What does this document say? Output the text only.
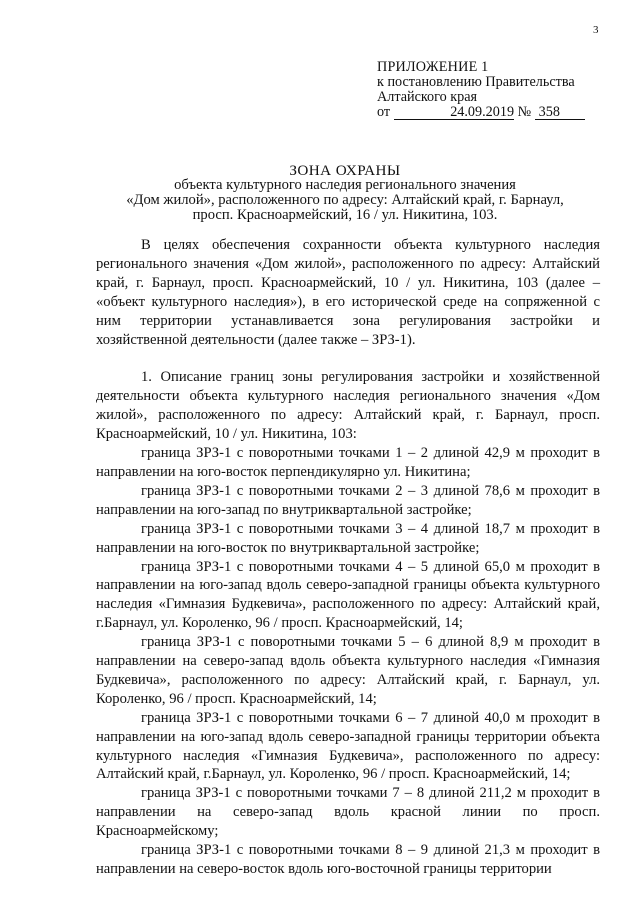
3
ПРИЛОЖЕНИЕ 1
к постановлению Правительства
Алтайского края
от	24.09.2019 № 358
ЗОНА ОХРАНЫ
объекта культурного наследия регионального значения
«Дом жилой», расположенного по адресу: Алтайский край, г. Барнаул,
просп. Красноармейский, 16 / ул. Никитина, 103.

В целях обеспечения сохранности объекта культурного наследия регионального значения «Дом жилой», расположенного по адресу: Алтайский край, г. Барнаул, просп. Красноармейский, 10 / ул. Никитина, 103 (далее – «объект культурного наследия»), в его исторической среде на сопряженной с ним территории устанавливается зона регулирования застройки и хозяйственной деятельности (далее также – ЗРЗ-1).

1. Описание границ зоны регулирования застройки и хозяйственной деятельности объекта культурного наследия регионального значения «Дом жилой», расположенного по адресу: Алтайский край, г. Барнаул, просп. Красноармейский, 10 / ул. Никитина, 103:

граница ЗРЗ-1 с поворотными точками 1 – 2 длиной 42,9 м проходит в направлении на юго-восток перпендикулярно ул. Никитина;

граница ЗРЗ-1 с поворотными точками 2 – 3 длиной 78,6 м проходит в направлении на юго-запад по внутриквартальной застройке;

граница ЗРЗ-1 с поворотными точками 3 – 4 длиной 18,7 м проходит в направлении на юго-восток по внутриквартальной застройке;

граница ЗРЗ-1 с поворотными точками 4 – 5 длиной 65,0 м проходит в направлении на юго-запад вдоль северо-западной границы объекта культурного наследия «Гимназия Будкевича», расположенного по адресу: Алтайский край, г.Барнаул, ул. Короленко, 96 / просп. Красноармейский, 14;

граница ЗРЗ-1 с поворотными точками 5 – 6 длиной 8,9 м проходит в направлении на северо-запад вдоль объекта культурного наследия «Гимназия Будкевича», расположенного по адресу: Алтайский край, г. Барнаул, ул. Короленко, 96 / просп. Красноармейский, 14;

граница ЗРЗ-1 с поворотными точками 6 – 7 длиной 40,0 м проходит в направлении на юго-запад вдоль северо-западной границы территории объекта культурного наследия «Гимназия Будкевича», расположенного по адресу: Алтайский край, г.Барнаул, ул. Короленко, 96 / просп. Красноармейский, 14;

граница ЗРЗ-1 с поворотными точками 7 – 8 длиной 211,2 м проходит в направлении на северо-запад вдоль красной линии по просп. Красноармейскому;

граница ЗРЗ-1 с поворотными точками 8 – 9 длиной 21,3 м проходит в направлении на северо-восток вдоль юго-восточной границы территории
